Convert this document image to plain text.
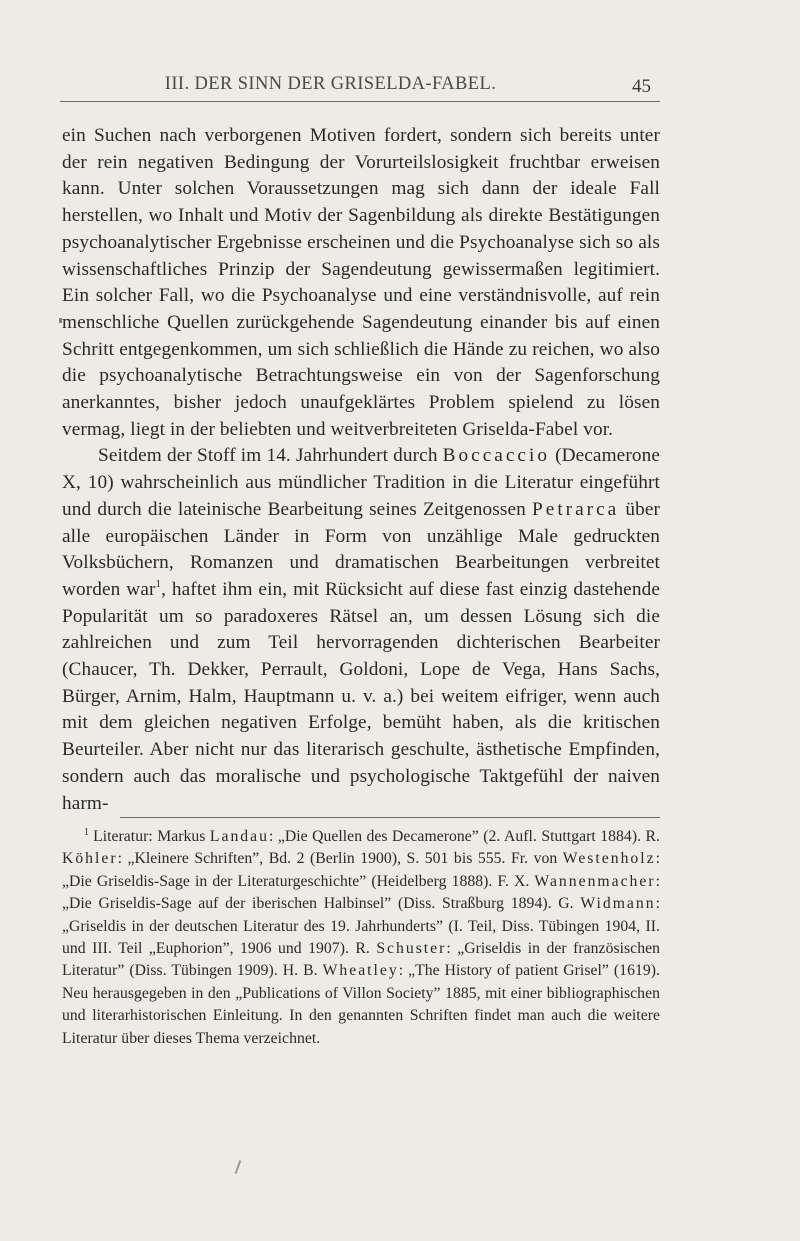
III. DER SINN DER GRISELDA-FABEL.	45

ein Suchen nach verborgenen Motiven fordert, sondern sich bereits unter der rein negativen Bedingung der Vorurteilslosigkeit fruchtbar erweisen kann. Unter solchen Voraussetzungen mag sich dann der ideale Fall herstellen, wo Inhalt und Motiv der Sagenbildung als direkte Bestätigungen psychoanalytischer Ergebnisse erscheinen und die Psychoanalyse sich so als wissenschaftliches Prinzip der Sagendeutung gewissermaßen legitimiert. Ein solcher Fall, wo die Psychoanalyse und eine verständnisvolle, auf rein menschliche Quellen zurückgehende Sagendeutung einander bis auf einen Schritt entgegenkommen, um sich schließlich die Hände zu reichen, wo also die psychoanalytische Betrachtungsweise ein von der Sagenforschung anerkanntes, bisher jedoch unaufgeklärtes Problem spielend zu lösen vermag, liegt in der beliebten und weitverbreiteten Griselda-Fabel vor.

Seitdem der Stoff im 14. Jahrhundert durch Boccaccio (Decamerone X, 10) wahrscheinlich aus mündlicher Tradition in die Literatur eingeführt und durch die lateinische Bearbeitung seines Zeitgenossen Petrarca über alle europäischen Länder in Form von unzählige Male gedruckten Volksbüchern, Romanzen und dramatischen Bearbeitungen verbreitet worden war$^1$, haftet ihm ein, mit Rücksicht auf diese fast einzig dastehende Popularität um so paradoxeres Rätsel an, um dessen Lösung sich die zahlreichen und zum Teil hervorragenden dichterischen Bearbeiter (Chaucer, Th. Dekker, Perrault, Goldoni, Lope de Vega, Hans Sachs, Bürger, Arnim, Halm, Hauptmann u. v. a.) bei weitem eifriger, wenn auch mit dem gleichen negativen Erfolge, bemüht haben, als die kritischen Beurteiler. Aber nicht nur das literarisch geschulte, ästhetische Empfinden, sondern auch das moralische und psychologische Taktgefühl der naiven harm-

$^1$ Literatur: Markus Landau: „Die Quellen des Decamerone” (2. Aufl. Stuttgart 1884). R. Köhler: „Kleinere Schriften”, Bd. 2 (Berlin 1900), S. 501 bis 555. Fr. von Westenholz: „Die Griseldis-Sage in der Literaturgeschichte” (Heidelberg 1888). F. X. Wannenmacher: „Die Griseldis-Sage auf der iberischen Halbinsel” (Diss. Straßburg 1894). G. Widmann: „Griseldis in der deutschen Literatur des 19. Jahrhunderts” (I. Teil, Diss. Tübingen 1904, II. und III. Teil „Euphorion”, 1906 und 1907). R. Schuster: „Griseldis in der französischen Literatur” (Diss. Tübingen 1909). H. B. Wheatley: „The History of patient Grisel” (1619). Neu herausgegeben in den „Publications of Villon Society” 1885, mit einer bibliographischen und literarhistorischen Einleitung. In den genannten Schriften findet man auch die weitere Literatur über dieses Thema verzeichnet.
